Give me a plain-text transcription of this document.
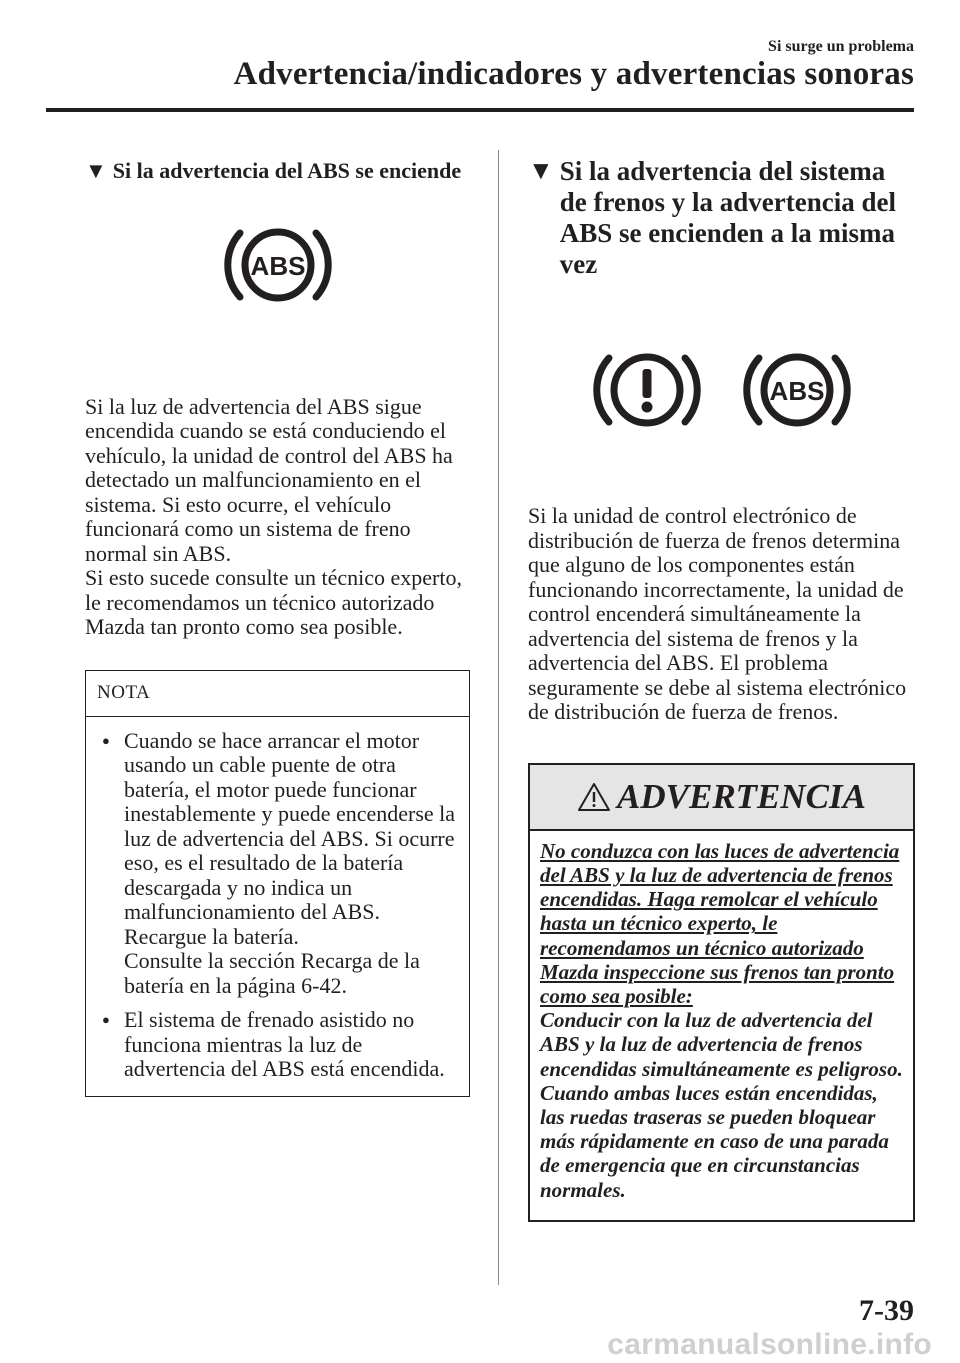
Si surge un problema
Advertencia/indicadores y advertencias sonoras
▼ Si la advertencia del ABS se enciende
ABS

Si la luz de advertencia del ABS sigue encendida cuando se está conduciendo el vehículo, la unidad de control del ABS ha detectado un malfuncionamiento en el sistema. Si esto ocurre, el vehículo funcionará como un sistema de freno normal sin ABS.
Si esto sucede consulte un técnico experto, le recomendamos un técnico autorizado Mazda tan pronto como sea posible.

NOTA
● Cuando se hace arrancar el motor usando un cable puente de otra batería, el motor puede funcionar inestablemente y puede encenderse la luz de advertencia del ABS. Si ocurre eso, es el resultado de la batería descargada y no indica un malfuncionamiento del ABS.
Recargue la batería.
Consulte la sección Recarga de la batería en la página 6-42.
● El sistema de frenado asistido no funciona mientras la luz de advertencia del ABS está encendida.
▼ Si la advertencia del sistema de frenos y la advertencia del ABS se encienden a la misma vez
ABS

Si la unidad de control electrónico de distribución de fuerza de frenos determina que alguno de los componentes están funcionando incorrectamente, la unidad de control encenderá simultáneamente la advertencia del sistema de frenos y la advertencia del ABS. El problema seguramente se debe al sistema electrónico de distribución de fuerza de frenos.

ADVERTENCIA
No conduzca con las luces de advertencia del ABS y la luz de advertencia de frenos encendidas. Haga remolcar el vehículo hasta un técnico experto, le recomendamos un técnico autorizado Mazda inspeccione sus frenos tan pronto como sea posible:
Conducir con la luz de advertencia del ABS y la luz de advertencia de frenos encendidas simultáneamente es peligroso.
Cuando ambas luces están encendidas, las ruedas traseras se pueden bloquear más rápidamente en caso de una parada de emergencia que en circunstancias normales.
7-39
carmanualsonline.info
